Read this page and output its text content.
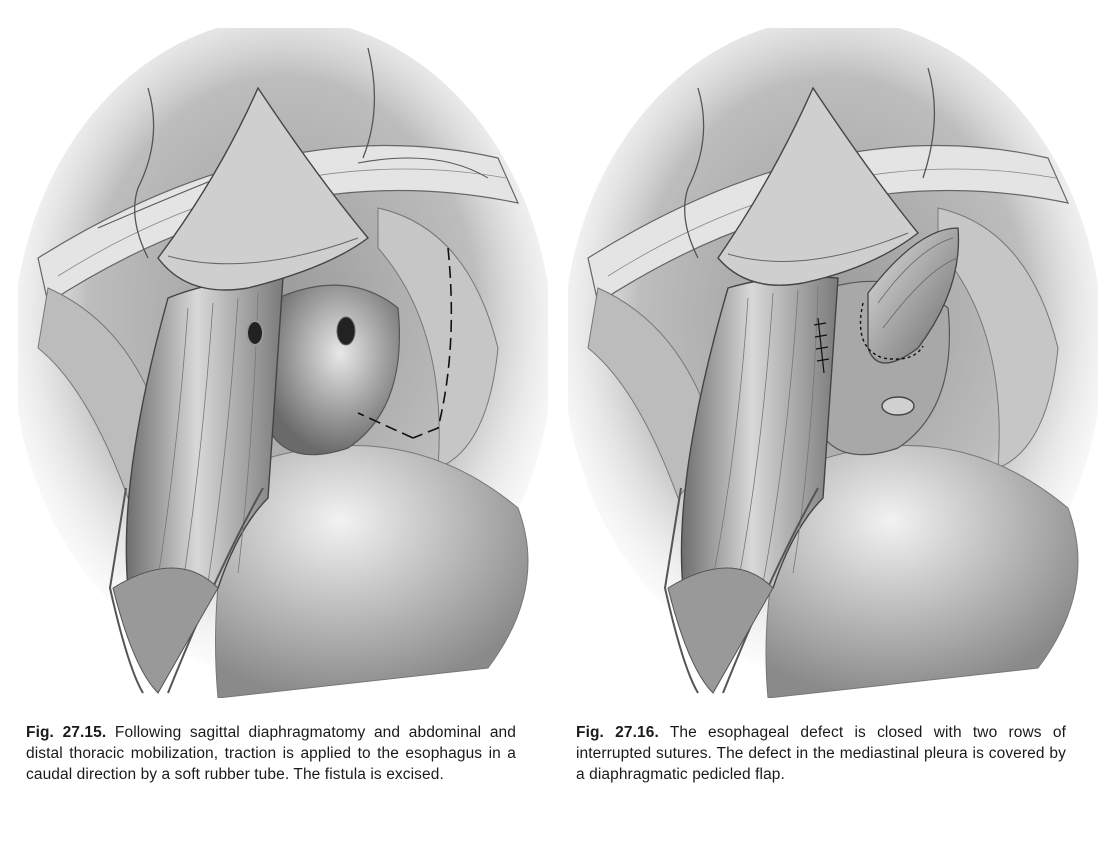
Fig. 27.15. Following sagittal diaphragmatomy and abdominal and distal thoracic mobilization, traction is applied to the esophagus in a caudal direction by a soft rubber tube. The fistula is excised.

Fig. 27.16. The esophageal defect is closed with two rows of interrupted sutures. The defect in the mediastinal pleura is covered by a diaphragmatic pedicled flap.
